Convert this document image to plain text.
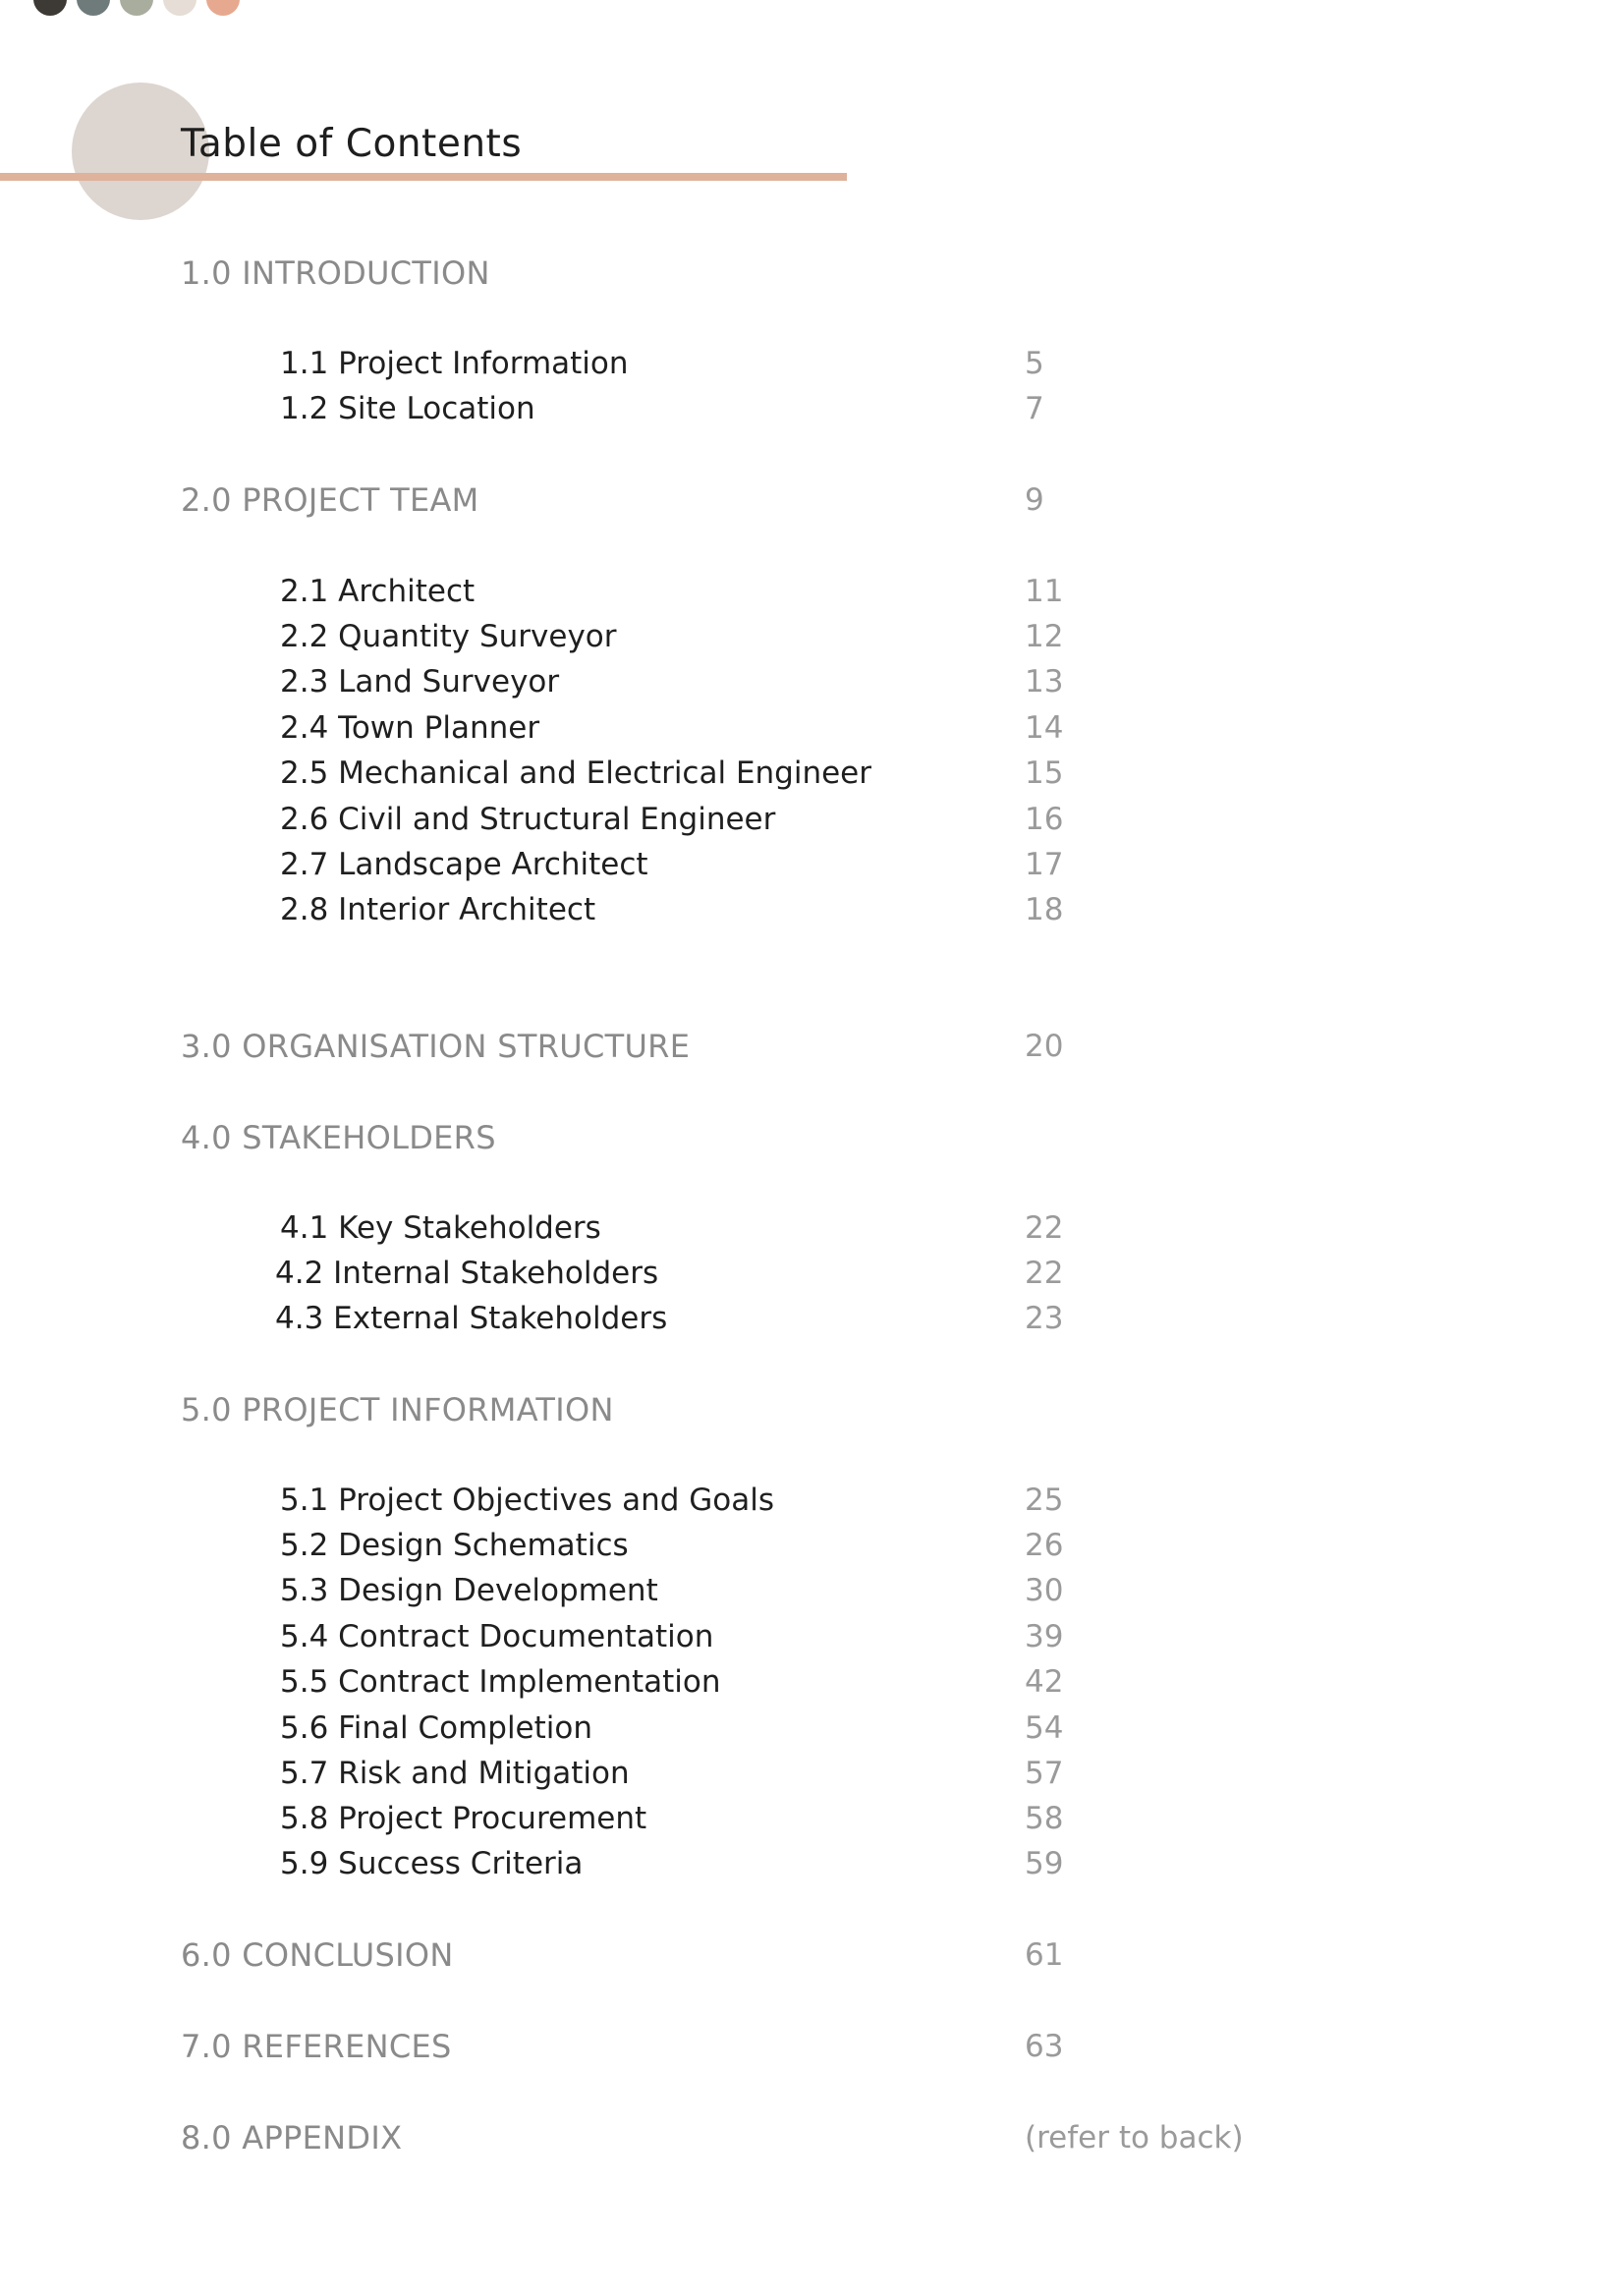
Table of Contents
1.0 INTRODUCTION
1.1 Project Information	5
1.2 Site Location	7
2.0 PROJECT TEAM	9
2.1 Architect	11
2.2 Quantity Surveyor	12
2.3 Land Surveyor	13
2.4 Town Planner	14
2.5 Mechanical and Electrical Engineer	15
2.6 Civil and Structural Engineer	16
2.7 Landscape Architect	17
2.8 Interior Architect	18
3.0 ORGANISATION STRUCTURE	20
4.0 STAKEHOLDERS
4.1 Key Stakeholders	22
4.2 Internal Stakeholders	22
4.3 External Stakeholders	23
5.0 PROJECT INFORMATION
5.1 Project Objectives and Goals	25
5.2 Design Schematics	26
5.3 Design Development	30
5.4 Contract Documentation	39
5.5 Contract Implementation	42
5.6 Final Completion	54
5.7 Risk and Mitigation	57
5.8 Project Procurement	58
5.9 Success Criteria	59
6.0 CONCLUSION	61
7.0 REFERENCES	63
8.0 APPENDIX	(refer to back)
